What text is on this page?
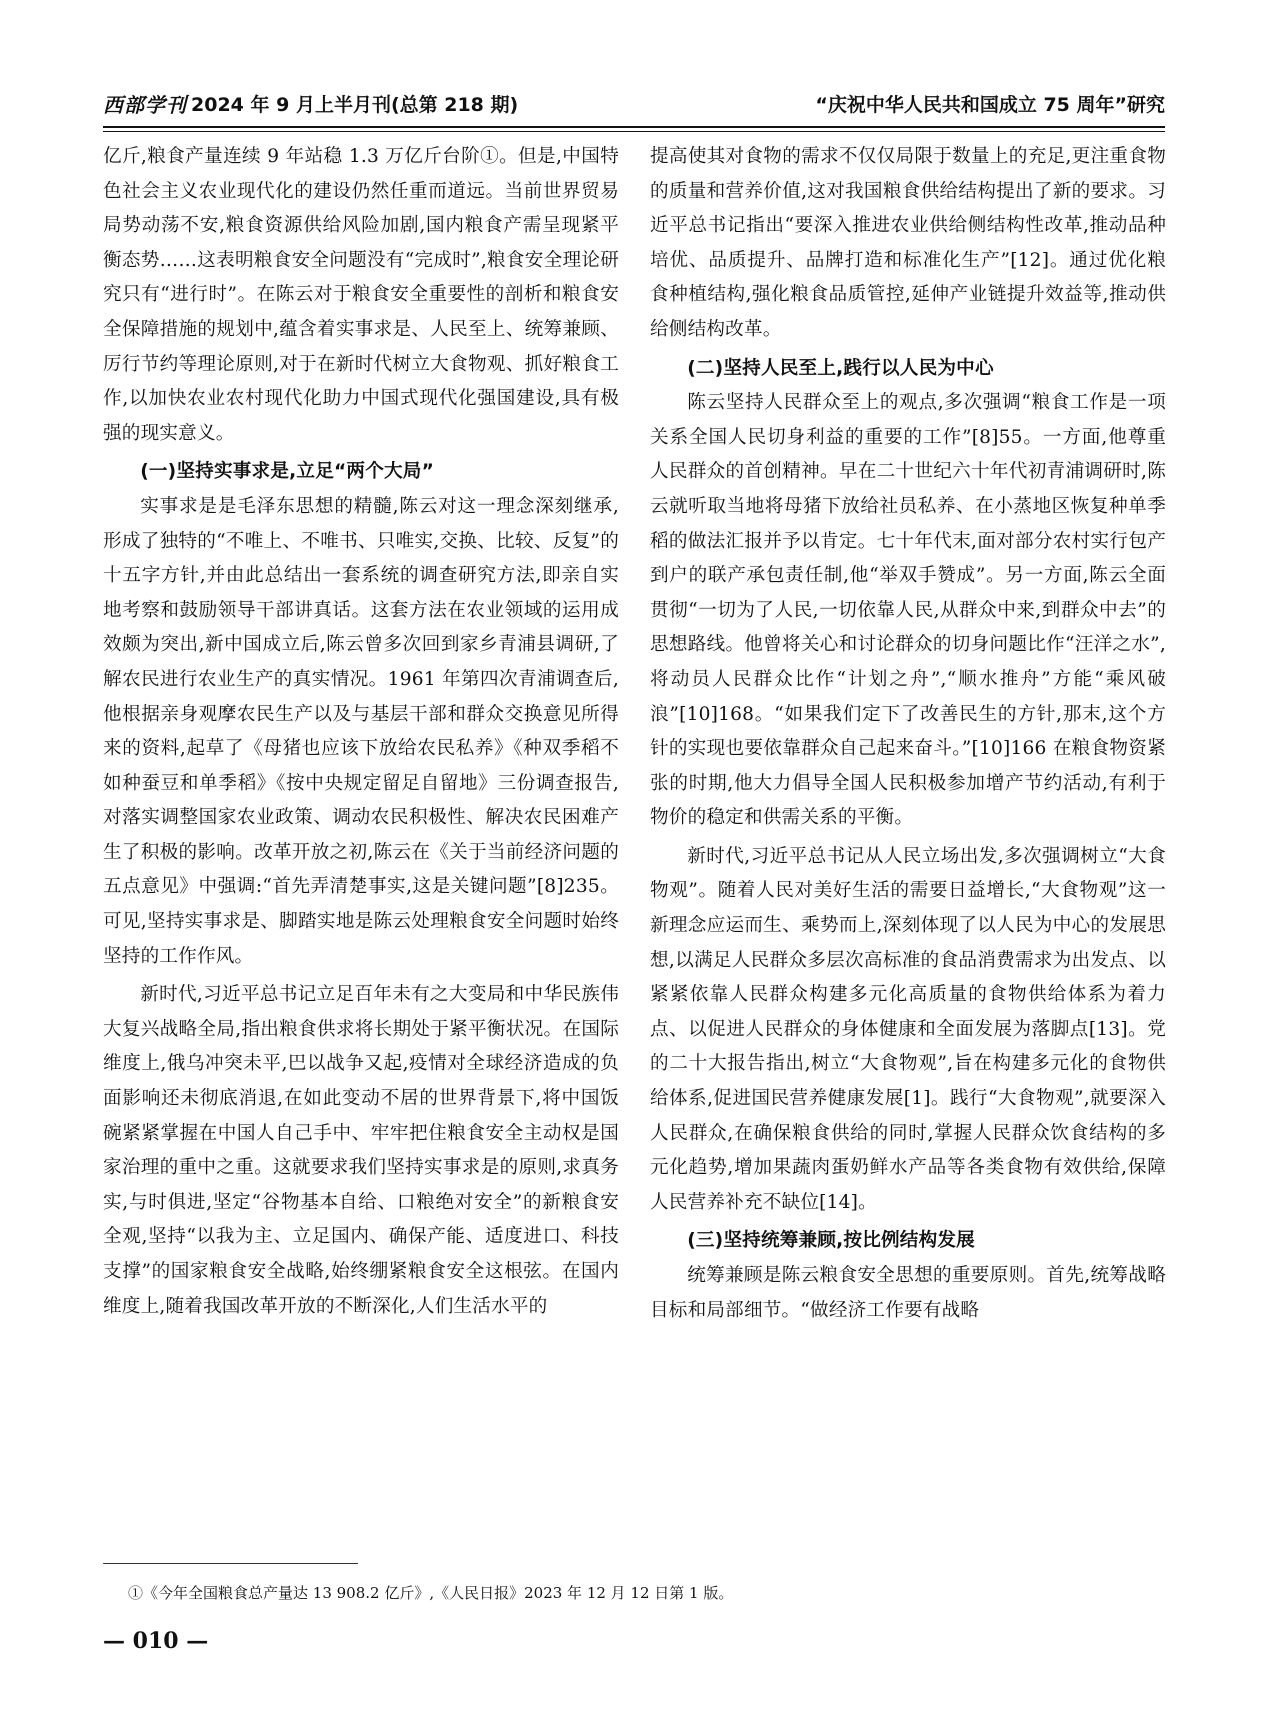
西部学刊 2024 年 9 月上半月刊(总第 218 期)	“庆祝中华人民共和国成立 75 周年”研究

亿斤,粮食产量连续 9 年站稳 1.3 万亿斤台阶①。但是,中国特色社会主义农业现代化的建设仍然任重而道远。当前世界贸易局势动荡不安,粮食资源供给风险加剧,国内粮食产需呈现紧平衡态势……这表明粮食安全问题没有“完成时”,粮食安全理论研究只有“进行时”。在陈云对于粮食安全重要性的剖析和粮食安全保障措施的规划中,蕴含着实事求是、人民至上、统筹兼顾、厉行节约等理论原则,对于在新时代树立大食物观、抓好粮食工作,以加快农业农村现代化助力中国式现代化强国建设,具有极强的现实意义。

(一)坚持实事求是,立足“两个大局”

实事求是是毛泽东思想的精髓,陈云对这一理念深刻继承,形成了独特的“不唯上、不唯书、只唯实,交换、比较、反复”的十五字方针,并由此总结出一套系统的调查研究方法,即亲自实地考察和鼓励领导干部讲真话。这套方法在农业领域的运用成效颇为突出,新中国成立后,陈云曾多次回到家乡青浦县调研,了解农民进行农业生产的真实情况。1961 年第四次青浦调查后,他根据亲身观摩农民生产以及与基层干部和群众交换意见所得来的资料,起草了《母猪也应该下放给农民私养》《种双季稻不如种蚕豆和单季稻》《按中央规定留足自留地》三份调查报告,对落实调整国家农业政策、调动农民积极性、解决农民困难产生了积极的影响。改革开放之初,陈云在《关于当前经济问题的五点意见》中强调:“首先弄清楚事实,这是关键问题”[8]235。可见,坚持实事求是、脚踏实地是陈云处理粮食安全问题时始终坚持的工作作风。

新时代,习近平总书记立足百年未有之大变局和中华民族伟大复兴战略全局,指出粮食供求将长期处于紧平衡状况。在国际维度上,俄乌冲突未平,巴以战争又起,疫情对全球经济造成的负面影响还未彻底消退,在如此变动不居的世界背景下,将中国饭碗紧紧掌握在中国人自己手中、牢牢把住粮食安全主动权是国家治理的重中之重。这就要求我们坚持实事求是的原则,求真务实,与时俱进,坚定“谷物基本自给、口粮绝对安全”的新粮食安全观,坚持“以我为主、立足国内、确保产能、适度进口、科技支撑”的国家粮食安全战略,始终绷紧粮食安全这根弦。在国内维度上,随着我国改革开放的不断深化,人们生活水平的

提高使其对食物的需求不仅仅局限于数量上的充足,更注重食物的质量和营养价值,这对我国粮食供给结构提出了新的要求。习近平总书记指出“要深入推进农业供给侧结构性改革,推动品种培优、品质提升、品牌打造和标准化生产”[12]。通过优化粮食种植结构,强化粮食品质管控,延伸产业链提升效益等,推动供给侧结构改革。

(二)坚持人民至上,践行以人民为中心

陈云坚持人民群众至上的观点,多次强调“粮食工作是一项关系全国人民切身利益的重要的工作”[8]55。一方面,他尊重人民群众的首创精神。早在二十世纪六十年代初青浦调研时,陈云就听取当地将母猪下放给社员私养、在小蒸地区恢复种单季稻的做法汇报并予以肯定。七十年代末,面对部分农村实行包产到户的联产承包责任制,他“举双手赞成”。另一方面,陈云全面贯彻“一切为了人民,一切依靠人民,从群众中来,到群众中去”的思想路线。他曾将关心和讨论群众的切身问题比作“汪洋之水”,将动员人民群众比作“计划之舟”,“顺水推舟”方能“乘风破浪”[10]168。“如果我们定下了改善民生的方针,那末,这个方针的实现也要依靠群众自己起来奋斗。”[10]166 在粮食物资紧张的时期,他大力倡导全国人民积极参加增产节约活动,有利于物价的稳定和供需关系的平衡。

新时代,习近平总书记从人民立场出发,多次强调树立“大食物观”。随着人民对美好生活的需要日益增长,“大食物观”这一新理念应运而生、乘势而上,深刻体现了以人民为中心的发展思想,以满足人民群众多层次高标准的食品消费需求为出发点、以紧紧依靠人民群众构建多元化高质量的食物供给体系为着力点、以促进人民群众的身体健康和全面发展为落脚点[13]。党的二十大报告指出,树立“大食物观”,旨在构建多元化的食物供给体系,促进国民营养健康发展[1]。践行“大食物观”,就要深入人民群众,在确保粮食供给的同时,掌握人民群众饮食结构的多元化趋势,增加果蔬肉蛋奶鲜水产品等各类食物有效供给,保障人民营养补充不缺位[14]。

(三)坚持统筹兼顾,按比例结构发展

统筹兼顾是陈云粮食安全思想的重要原则。首先,统筹战略目标和局部细节。“做经济工作要有战略

①《今年全国粮食总产量达 13 908.2 亿斤》,《人民日报》2023 年 12 月 12 日第 1 版。
— 010 —
